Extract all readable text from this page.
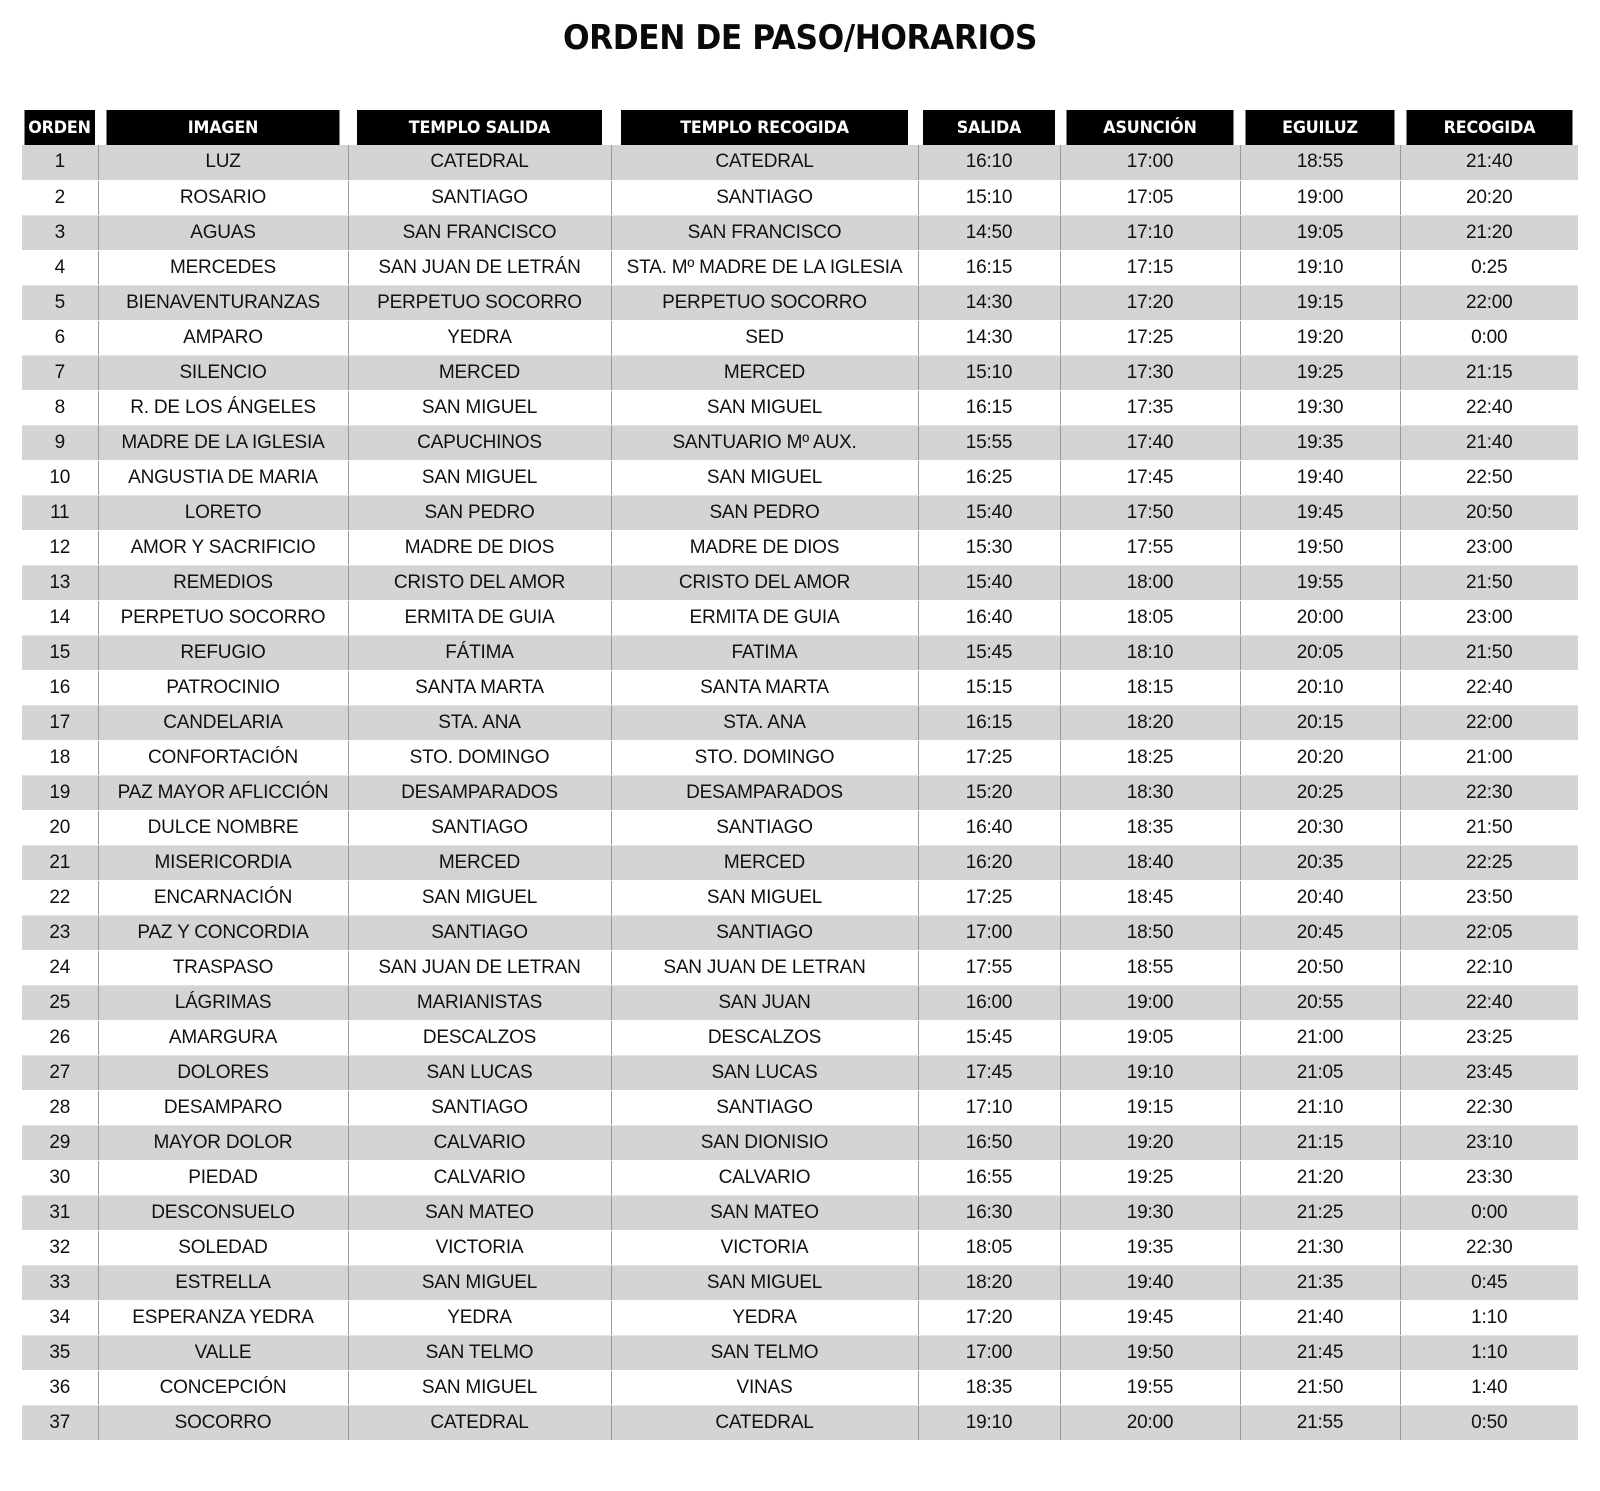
ORDEN DE PASO/HORARIOS
ORDEN	IMAGEN	TEMPLO SALIDA	TEMPLO RECOGIDA	SALIDA	ASUNCIÓN	EGUILUZ	RECOGIDA
1	LUZ	CATEDRAL	CATEDRAL	16:10	17:00	18:55	21:40
2	ROSARIO	SANTIAGO	SANTIAGO	15:10	17:05	19:00	20:20
3	AGUAS	SAN FRANCISCO	SAN FRANCISCO	14:50	17:10	19:05	21:20
4	MERCEDES	SAN JUAN DE LETRÁN	STA. Mº MADRE DE LA IGLESIA	16:15	17:15	19:10	0:25
5	BIENAVENTURANZAS	PERPETUO SOCORRO	PERPETUO SOCORRO	14:30	17:20	19:15	22:00
6	AMPARO	YEDRA	SED	14:30	17:25	19:20	0:00
7	SILENCIO	MERCED	MERCED	15:10	17:30	19:25	21:15
8	R. DE LOS ÁNGELES	SAN MIGUEL	SAN MIGUEL	16:15	17:35	19:30	22:40
9	MADRE DE LA IGLESIA	CAPUCHINOS	SANTUARIO Mº AUX.	15:55	17:40	19:35	21:40
10	ANGUSTIA DE MARIA	SAN MIGUEL	SAN MIGUEL	16:25	17:45	19:40	22:50
11	LORETO	SAN PEDRO	SAN PEDRO	15:40	17:50	19:45	20:50
12	AMOR Y SACRIFICIO	MADRE DE DIOS	MADRE DE DIOS	15:30	17:55	19:50	23:00
13	REMEDIOS	CRISTO DEL AMOR	CRISTO DEL AMOR	15:40	18:00	19:55	21:50
14	PERPETUO SOCORRO	ERMITA DE GUIA	ERMITA DE GUIA	16:40	18:05	20:00	23:00
15	REFUGIO	FÁTIMA	FATIMA	15:45	18:10	20:05	21:50
16	PATROCINIO	SANTA MARTA	SANTA MARTA	15:15	18:15	20:10	22:40
17	CANDELARIA	STA. ANA	STA. ANA	16:15	18:20	20:15	22:00
18	CONFORTACIÓN	STO. DOMINGO	STO. DOMINGO	17:25	18:25	20:20	21:00
19	PAZ MAYOR AFLICCIÓN	DESAMPARADOS	DESAMPARADOS	15:20	18:30	20:25	22:30
20	DULCE NOMBRE	SANTIAGO	SANTIAGO	16:40	18:35	20:30	21:50
21	MISERICORDIA	MERCED	MERCED	16:20	18:40	20:35	22:25
22	ENCARNACIÓN	SAN MIGUEL	SAN MIGUEL	17:25	18:45	20:40	23:50
23	PAZ Y CONCORDIA	SANTIAGO	SANTIAGO	17:00	18:50	20:45	22:05
24	TRASPASO	SAN JUAN DE LETRAN	SAN JUAN DE LETRAN	17:55	18:55	20:50	22:10
25	LÁGRIMAS	MARIANISTAS	SAN JUAN	16:00	19:00	20:55	22:40
26	AMARGURA	DESCALZOS	DESCALZOS	15:45	19:05	21:00	23:25
27	DOLORES	SAN LUCAS	SAN LUCAS	17:45	19:10	21:05	23:45
28	DESAMPARO	SANTIAGO	SANTIAGO	17:10	19:15	21:10	22:30
29	MAYOR DOLOR	CALVARIO	SAN DIONISIO	16:50	19:20	21:15	23:10
30	PIEDAD	CALVARIO	CALVARIO	16:55	19:25	21:20	23:30
31	DESCONSUELO	SAN MATEO	SAN MATEO	16:30	19:30	21:25	0:00
32	SOLEDAD	VICTORIA	VICTORIA	18:05	19:35	21:30	22:30
33	ESTRELLA	SAN MIGUEL	SAN MIGUEL	18:20	19:40	21:35	0:45
34	ESPERANZA YEDRA	YEDRA	YEDRA	17:20	19:45	21:40	1:10
35	VALLE	SAN TELMO	SAN TELMO	17:00	19:50	21:45	1:10
36	CONCEPCIÓN	SAN MIGUEL	VINAS	18:35	19:55	21:50	1:40
37	SOCORRO	CATEDRAL	CATEDRAL	19:10	20:00	21:55	0:50
